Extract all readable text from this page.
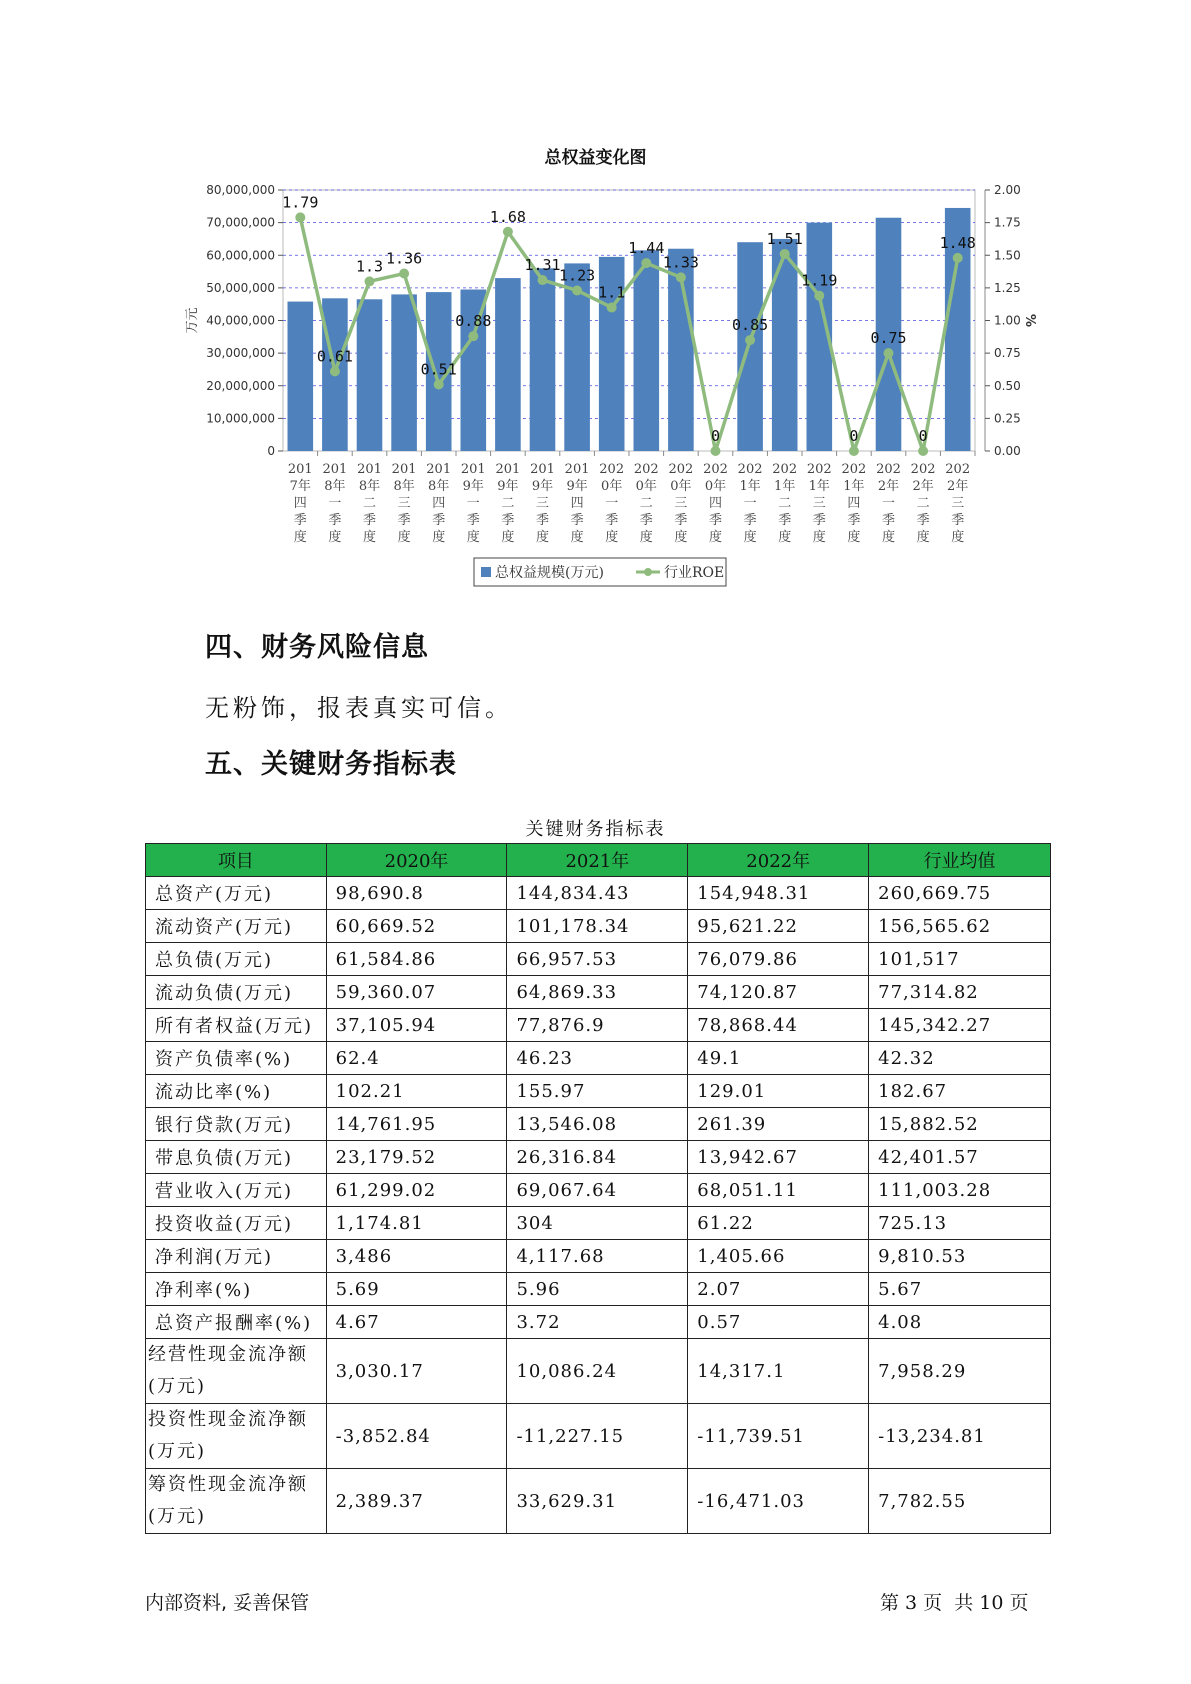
总权益变化图
0
10,000,000
20,000,000
30,000,000
40,000,000
50,000,000
60,000,000
70,000,000
80,000,000
0.00
0.25
0.50
0.75
1.00
1.25
1.50
1.75
2.00
万元	%
201 7年四季度
201 8年一季度
201 8年二季度
201 8年三季度
201 8年四季度
201 9年一季度
201 9年二季度
201 9年三季度
201 9年四季度
202 0年一季度
202 0年二季度
202 0年三季度
202 0年四季度
202 1年一季度
202 1年二季度
202 1年三季度
202 1年四季度
202 2年一季度
202 2年二季度
202 2年三季度
1.79
0.61
1.3 1.36
0.51
0.88
1.68
1.31
1.23
1.1
1.44
1.33
0
0.85
1.51
1.19
0
0.75
0
1.48
总权益规模(万元)	行业ROE
四、财务风险信息
无粉饰，报表真实可信。
五、关键财务指标表
关键财务指标表
项目	2020年	2021年	2022年	行业均值
总资产(万元)	98,690.8	144,834.43	154,948.31	260,669.75
流动资产(万元)	60,669.52	101,178.34	95,621.22	156,565.62
总负债(万元)	61,584.86	66,957.53	76,079.86	101,517
流动负债(万元)	59,360.07	64,869.33	74,120.87	77,314.82
所有者权益(万元)	37,105.94	77,876.9	78,868.44	145,342.27
资产负债率(%)	62.4	46.23	49.1	42.32
流动比率(%)	102.21	155.97	129.01	182.67
银行贷款(万元)	14,761.95	13,546.08	261.39	15,882.52
带息负债(万元)	23,179.52	26,316.84	13,942.67	42,401.57
营业收入(万元)	61,299.02	69,067.64	68,051.11	111,003.28
投资收益(万元)	1,174.81	304	61.22	725.13
净利润(万元)	3,486	4,117.68	1,405.66	9,810.53
净利率(%)	5.69	5.96	2.07	5.67
总资产报酬率(%)	4.67	3.72	0.57	4.08
经营性现金流净额(万元)	3,030.17	10,086.24	14,317.1	7,958.29
投资性现金流净额(万元)	-3,852.84	-11,227.15	-11,739.51	-13,234.81
筹资性现金流净额(万元)	2,389.37	33,629.31	-16,471.03	7,782.55
内部资料, 妥善保管	第 3 页  共 10 页
